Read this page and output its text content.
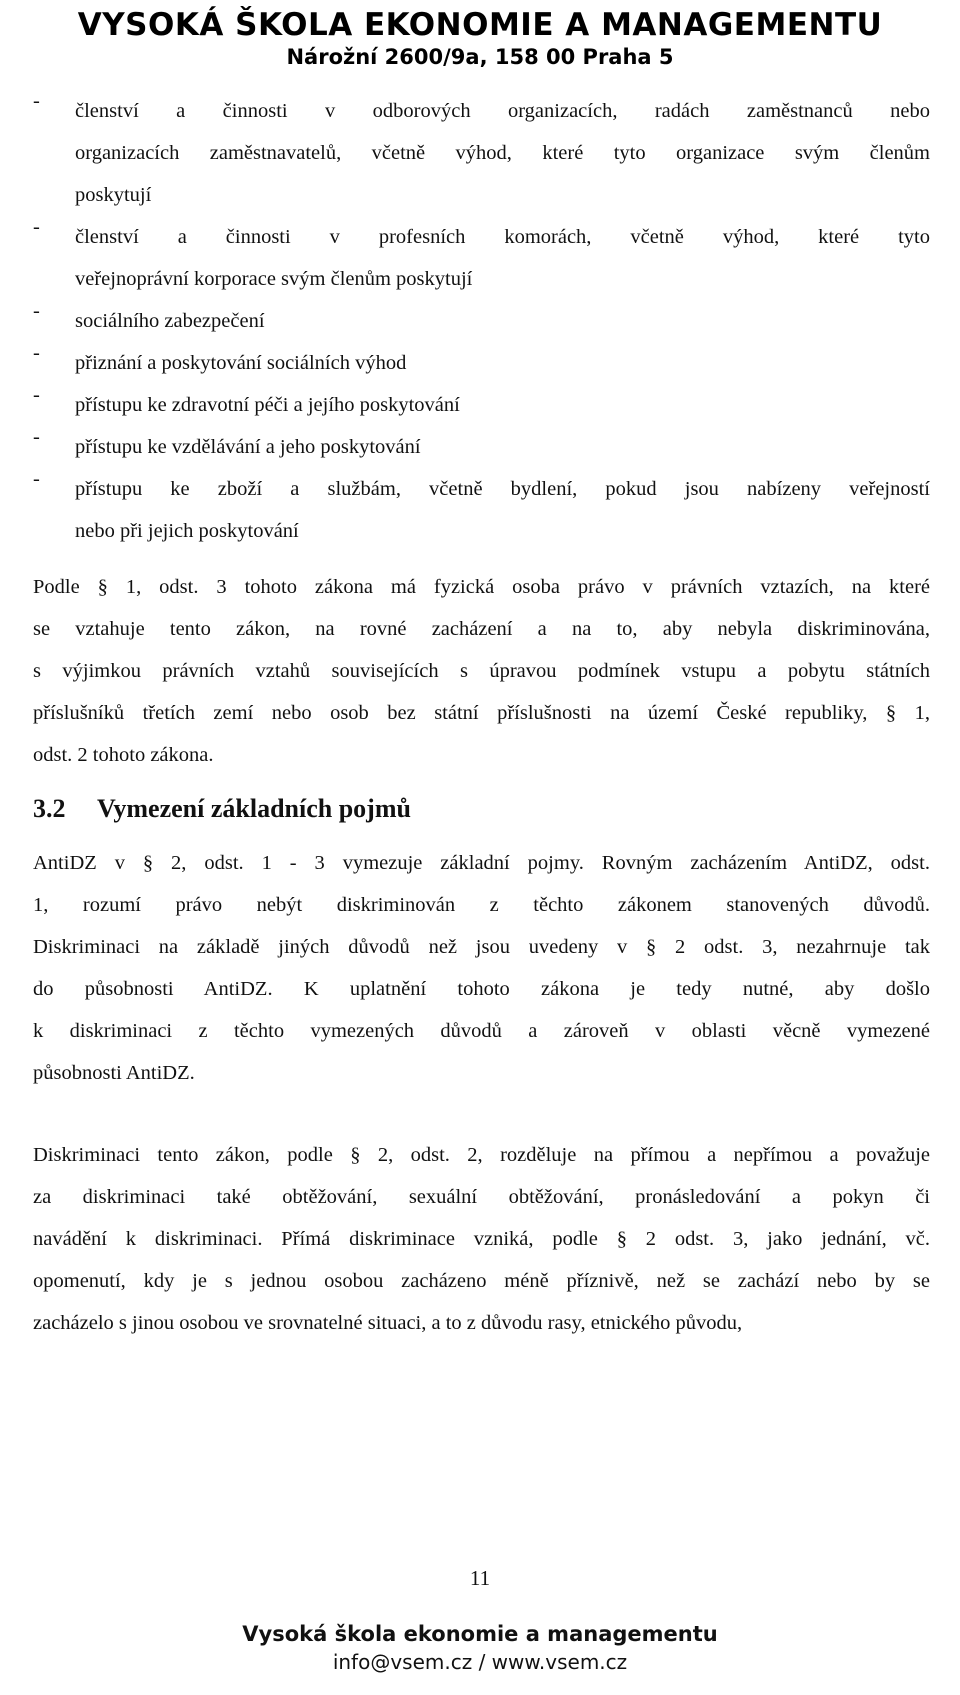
VYSOKÁ ŠKOLA EKONOMIE A MANAGEMENTU
Nárožní 2600/9a, 158 00 Praha 5
-	členství a činnosti v odborových organizacích, radách zaměstnanců nebo
organizacích zaměstnavatelů, včetně výhod, které tyto organizace svým členům
poskytují
-	členství a činnosti v profesních komorách, včetně výhod, které tyto
veřejnoprávní korporace svým členům poskytují
-	sociálního zabezpečení
-	přiznání a poskytování sociálních výhod
-	přístupu ke zdravotní péči a jejího poskytování
-	přístupu ke vzdělávání a jeho poskytování
-	přístupu ke zboží a službám, včetně bydlení, pokud jsou nabízeny veřejností
nebo při jejich poskytování
Podle § 1, odst. 3 tohoto zákona má fyzická osoba právo v právních vztazích, na které
se vztahuje tento zákon, na rovné zacházení a na to, aby nebyla diskriminována,
s výjimkou právních vztahů souvisejících s úpravou podmínek vstupu a pobytu státních
příslušníků třetích zemí nebo osob bez státní příslušnosti na území České republiky, § 1,
odst. 2 tohoto zákona.
3.2	Vymezení základních pojmů
AntiDZ v § 2, odst. 1 - 3 vymezuje základní pojmy. Rovným zacházením AntiDZ, odst.
1, rozumí právo nebýt diskriminován z těchto zákonem stanovených důvodů.
Diskriminaci na základě jiných důvodů než jsou uvedeny v § 2 odst. 3, nezahrnuje tak
do působnosti AntiDZ. K uplatnění tohoto zákona je tedy nutné, aby došlo
k diskriminaci z těchto vymezených důvodů a zároveň v oblasti věcně vymezené
působnosti AntiDZ.
Diskriminaci tento zákon, podle § 2, odst. 2, rozděluje na přímou a nepřímou a považuje
za diskriminaci také obtěžování, sexuální obtěžování, pronásledování a pokyn či
navádění k diskriminaci. Přímá diskriminace vzniká, podle § 2 odst. 3, jako jednání, vč.
opomenutí, kdy je s jednou osobou zacházeno méně příznivě, než se zachází nebo by se
zacházelo s jinou osobou ve srovnatelné situaci, a to z důvodu rasy, etnického původu,
11
Vysoká škola ekonomie a managementu
info@vsem.cz / www.vsem.cz
